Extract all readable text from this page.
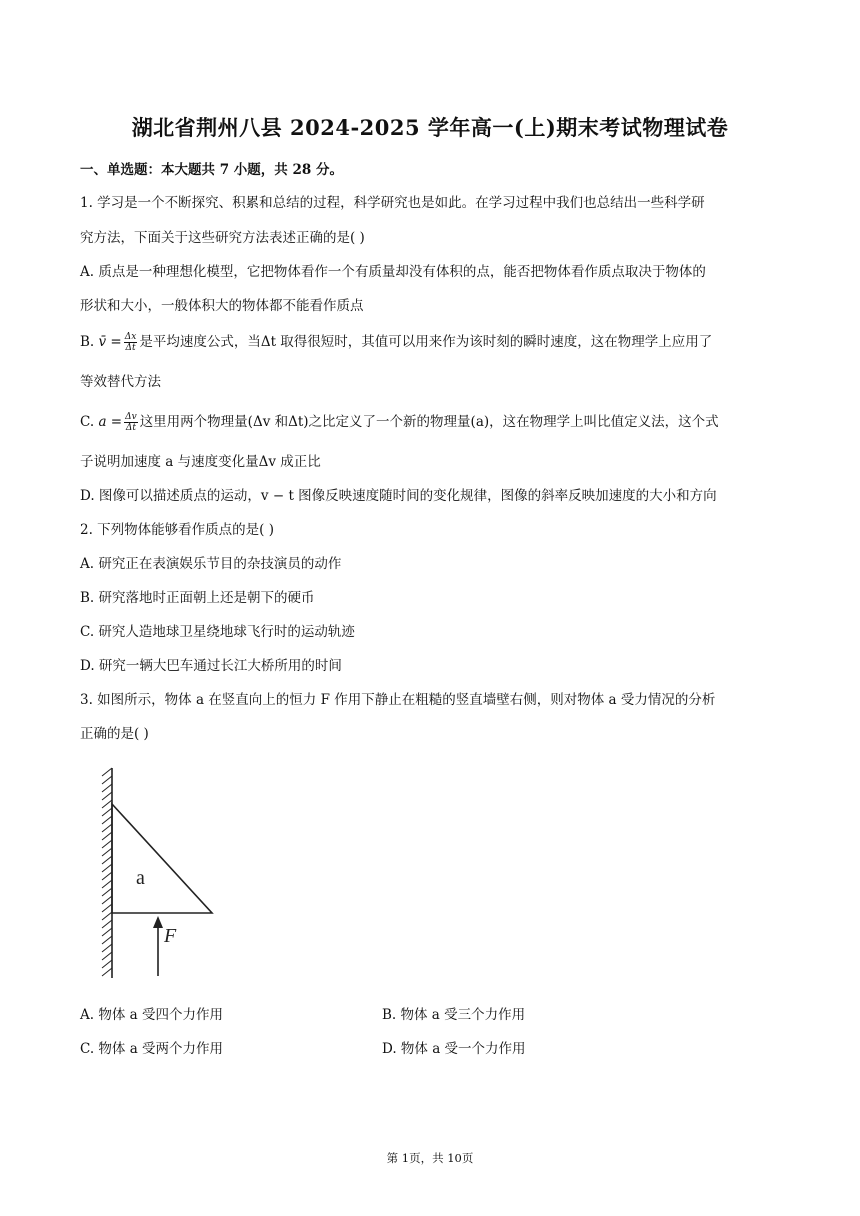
湖北省荆州八县 2024-2025 学年高一(上)期末考试物理试卷
一、单选题：本大题共 7 小题，共 28 分。
1. 学习是一个不断探究、积累和总结的过程，科学研究也是如此。在学习过程中我们也总结出一些科学研
究方法，下面关于这些研究方法表述正确的是( )
A. 质点是一种理想化模型，它把物体看作一个有质量却没有体积的点，能否把物体看作质点取决于物体的
形状和大小，一般体积大的物体都不能看作质点
B. v̄ = $\frac{\Delta x}{\Delta t}$ 是平均速度公式，当Δt 取得很短时，其值可以用来作为该时刻的瞬时速度，这在物理学上应用了
等效替代方法
C. $a = \frac{\Delta v}{\Delta t}$ 这里用两个物理量(Δv 和Δt)之比定义了一个新的物理量(a)，这在物理学上叫比值定义法，这个式
子说明加速度 a 与速度变化量Δv 成正比
D. 图像可以描述质点的运动，v − t 图像反映速度随时间的变化规律，图像的斜率反映加速度的大小和方向
2. 下列物体能够看作质点的是( )
A. 研究正在表演娱乐节目的杂技演员的动作
B. 研究落地时正面朝上还是朝下的硬币
C. 研究人造地球卫星绕地球飞行时的运动轨迹
D. 研究一辆大巴车通过长江大桥所用的时间
3. 如图所示，物体 a 在竖直向上的恒力 F 作用下静止在粗糙的竖直墙壁右侧，则对物体 a 受力情况的分析
正确的是( )
a
F
A. 物体 a 受四个力作用	B. 物体 a 受三个力作用
C. 物体 a 受两个力作用	D. 物体 a 受一个力作用
第 1页，共 10页
